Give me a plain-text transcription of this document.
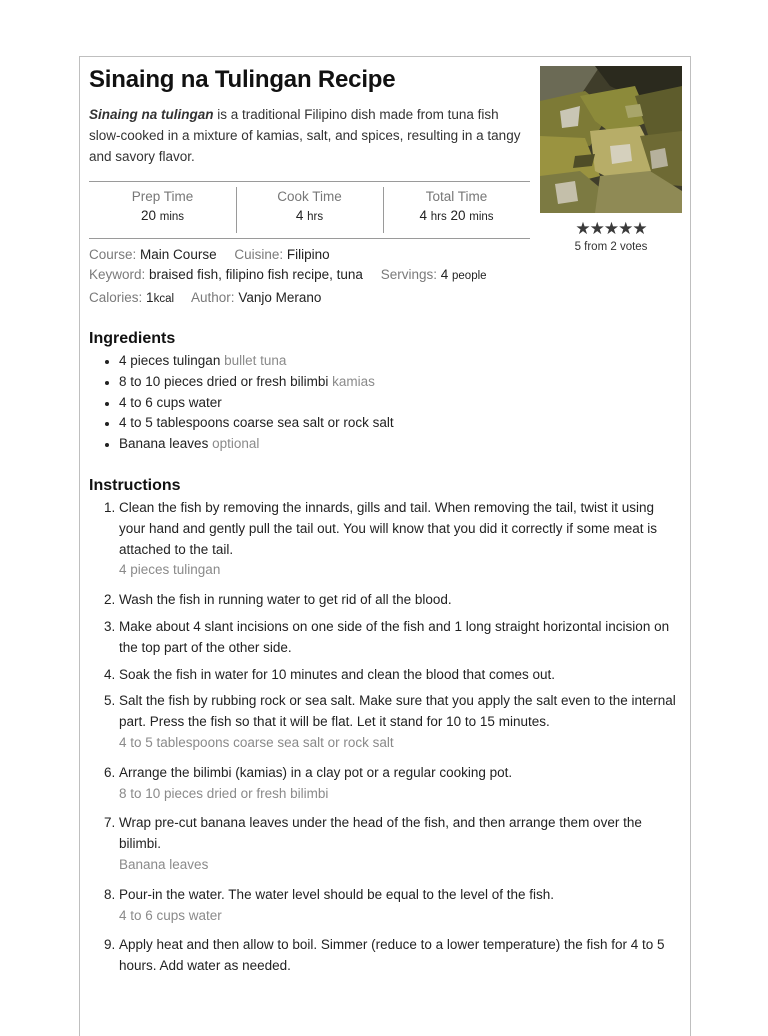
Sinaing na Tulingan Recipe

Sinaing na tulingan is a traditional Filipino dish made from tuna fish slow-cooked in a mixture of kamias, salt, and spices, resulting in a tangy and savory flavor.

Prep Time
20 mins
Cook Time
4 hrs
Total Time
4 hrs 20 mins
★★★★★
5 from 2 votes
Course: Main Course Cuisine: Filipino
Keyword: braised fish, filipino fish recipe, tuna Servings: 4 people
Calories: 1kcal Author: Vanjo Merano
Ingredients
• 4 pieces tulingan bullet tuna
• 8 to 10 pieces dried or fresh bilimbi kamias
• 4 to 6 cups water
• 4 to 5 tablespoons coarse sea salt or rock salt
• Banana leaves optional
Instructions
1. Clean the fish by removing the innards, gills and tail. When removing the tail, twist it using your hand and gently pull the tail out. You will know that you did it correctly if some meat is attached to the tail.
4 pieces tulingan
2. Wash the fish in running water to get rid of all the blood.
3. Make about 4 slant incisions on one side of the fish and 1 long straight horizontal incision on the top part of the other side.
4. Soak the fish in water for 10 minutes and clean the blood that comes out.
5. Salt the fish by rubbing rock or sea salt. Make sure that you apply the salt even to the internal part. Press the fish so that it will be flat. Let it stand for 10 to 15 minutes.
4 to 5 tablespoons coarse sea salt or rock salt
6. Arrange the bilimbi (kamias) in a clay pot or a regular cooking pot.
8 to 10 pieces dried or fresh bilimbi
7. Wrap pre-cut banana leaves under the head of the fish, and then arrange them over the bilimbi.
Banana leaves
8. Pour-in the water. The water level should be equal to the level of the fish.
4 to 6 cups water
9. Apply heat and then allow to boil. Simmer (reduce to a lower temperature) the fish for 4 to 5 hours. Add water as needed.
